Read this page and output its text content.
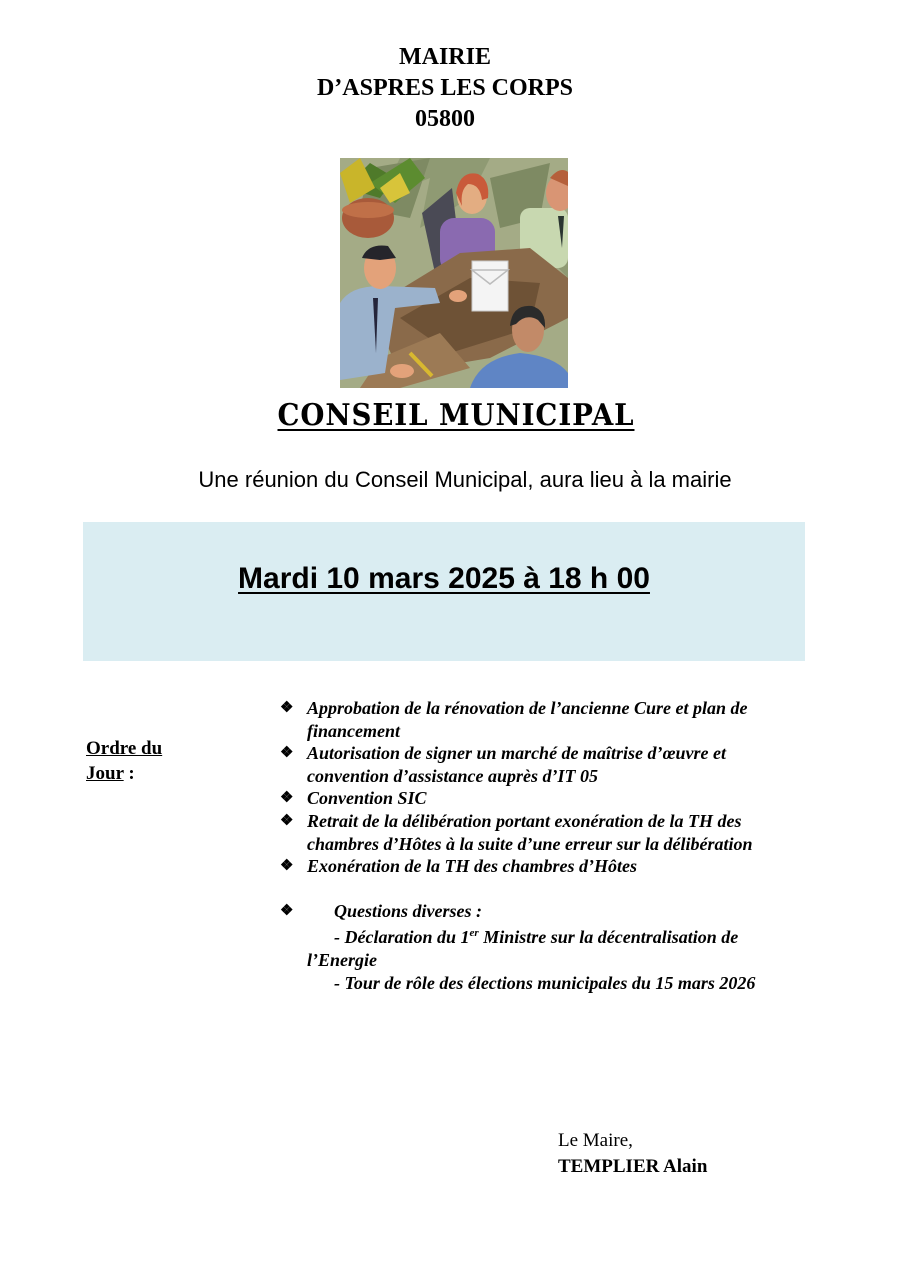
MAIRIE
D’ASPRES LES CORPS
05800
CONSEIL MUNICIPAL
Une réunion du Conseil Municipal, aura lieu à la mairie
Mardi 10 mars 2025 à 18 h 00
Ordre du
Jour :
❖ Approbation de la rénovation de l’ancienne Cure et plan de
financement
❖ Autorisation de signer un marché de maîtrise d’œuvre et
convention d’assistance auprès d’IT 05
❖ Convention SIC
❖ Retrait de la délibération portant exonération de la TH des
chambres d’Hôtes à la suite d’une erreur sur la délibération
❖ Exonération de la TH des chambres d’Hôtes
❖	Questions diverses :
- Déclaration du 1er Ministre sur la décentralisation de
l’Energie
- Tour de rôle des élections municipales du 15 mars 2026
Le Maire,
TEMPLIER Alain
